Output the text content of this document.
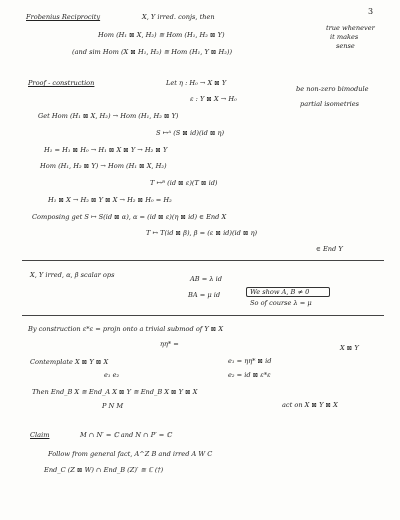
3
Frobenius Reciprocity	X, Y irred. conjs, then
Hom (H₁ ⊠ X, H₂) ≅ Hom (H₁, H₂ ⊠ Y)
(and sim Hom (X ⊠ H₁, H₂) ≅ Hom (H₁, Y ⊠ H₂))
true whenever
it makes
sense
Proof - construction	Let η : H₀ → X ⊠ Y
ε : Y ⊠ X → H₀
be non-zero bimodule
partial isometries
Get Hom (H₁ ⊠ X, H₂) → Hom (H₁, H₂ ⊠ Y)
S ↦ᴬ (S ⊠ id)(id ⊠ η)
H₁ = H₁ ⊠ H₀ → H₁ ⊠ X ⊠ Y → H₂ ⊠ Y
Hom (H₁, H₂ ⊠ Y) → Hom (H₁ ⊠ X, H₂)
T ↦ᴮ (id ⊠ ε)(T ⊠ id)
H₁ ⊠ X → H₂ ⊠ Y ⊠ X → H₂ ⊠ H₀ = H₂
Composing get S ↦ S(id ⊠ α), α = (id ⊠ ε)(η ⊠ id) ∈ End X
T ↦ T(id ⊠ β), β = (ε ⊠ id)(id ⊠ η)
∈ End Y
X, Y irred, α, β scalar ops	AB = λ id
BA = μ id	We show A, B ≠ 0
So of course λ = μ
By construction ε*ε = projn onto a trivial submod of Y ⊠ X
ηη* =	X ⊠ Y
Contemplate X ⊠ Y ⊠ X	e₁ = ηη* ⊠ id
e₁ e₂	e₂ = id ⊠ ε*ε
Then End_B X ≅ End_A X ⊠ Y ≅ End_B X ⊠ Y ⊠ X
P N M	act on X ⊠ Y ⊠ X
Claim	M ∩ N′ = ℂ and N ∩ P′ = ℂ
Follow from general fact, A^Z B and irred A W C
End_C (Z ⊠ W) ∩ End_B (Z)′ ≅ ℂ (†)
